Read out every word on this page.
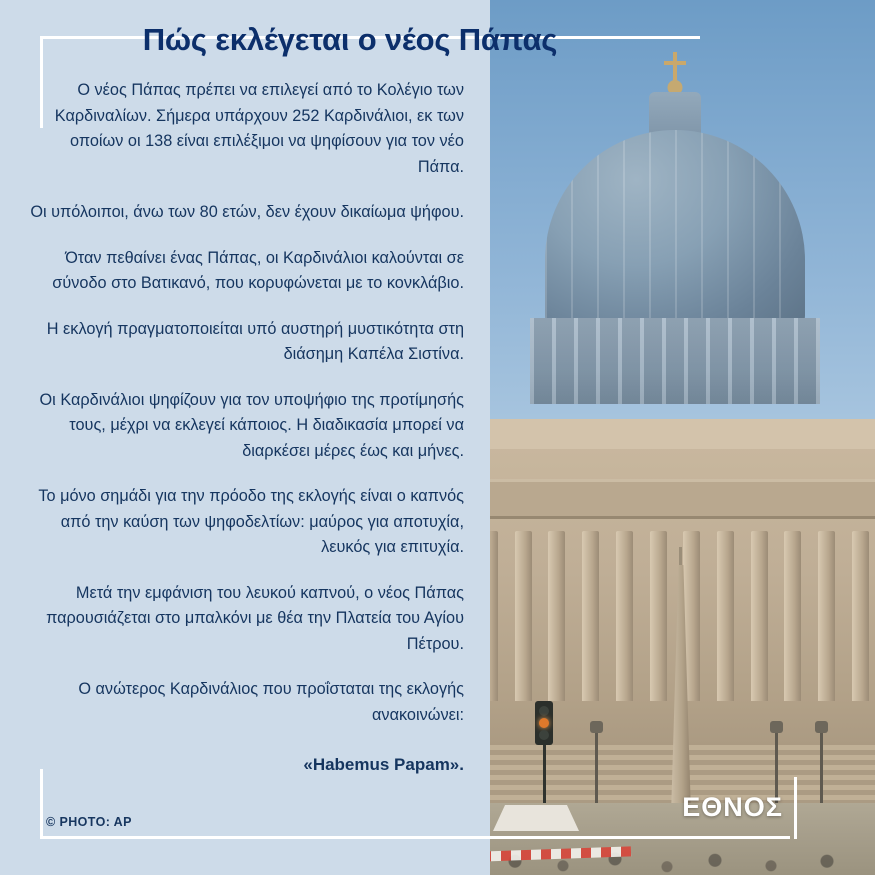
Πώς εκλέγεται ο νέος Πάπας

Ο νέος Πάπας πρέπει να επιλεγεί από το Κολέγιο των Καρδιναλίων. Σήμερα υπάρχουν 252 Καρδινάλιοι, εκ των οποίων οι 138 είναι επιλέξιμοι να ψηφίσουν για τον νέο Πάπα.

Οι υπόλοιποι, άνω των 80 ετών, δεν έχουν δικαίωμα ψήφου.

Όταν πεθαίνει ένας Πάπας, οι Καρδινάλιοι καλούνται σε σύνοδο στο Βατικανό, που κορυφώνεται με το κονκλάβιο.

Η εκλογή πραγματοποιείται υπό αυστηρή μυστικότητα στη διάσημη Καπέλα Σιστίνα.

Οι Καρδινάλιοι ψηφίζουν για τον υποψήφιο της προτίμησής τους, μέχρι να εκλεγεί κάποιος. Η διαδικασία μπορεί να διαρκέσει μέρες έως και μήνες.

Το μόνο σημάδι για την πρόοδο της εκλογής είναι ο καπνός από την καύση των ψηφοδελτίων: μαύρος για αποτυχία, λευκός για επιτυχία.

Μετά την εμφάνιση του λευκού καπνού, ο νέος Πάπας παρουσιάζεται στο μπαλκόνι με θέα την Πλατεία του Αγίου Πέτρου.

Ο ανώτερος Καρδινάλιος που προΐσταται της εκλογής ανακοινώνει:

«Habemus Papam».

© PHOTO: AP	ΕΘΝΟΣ
